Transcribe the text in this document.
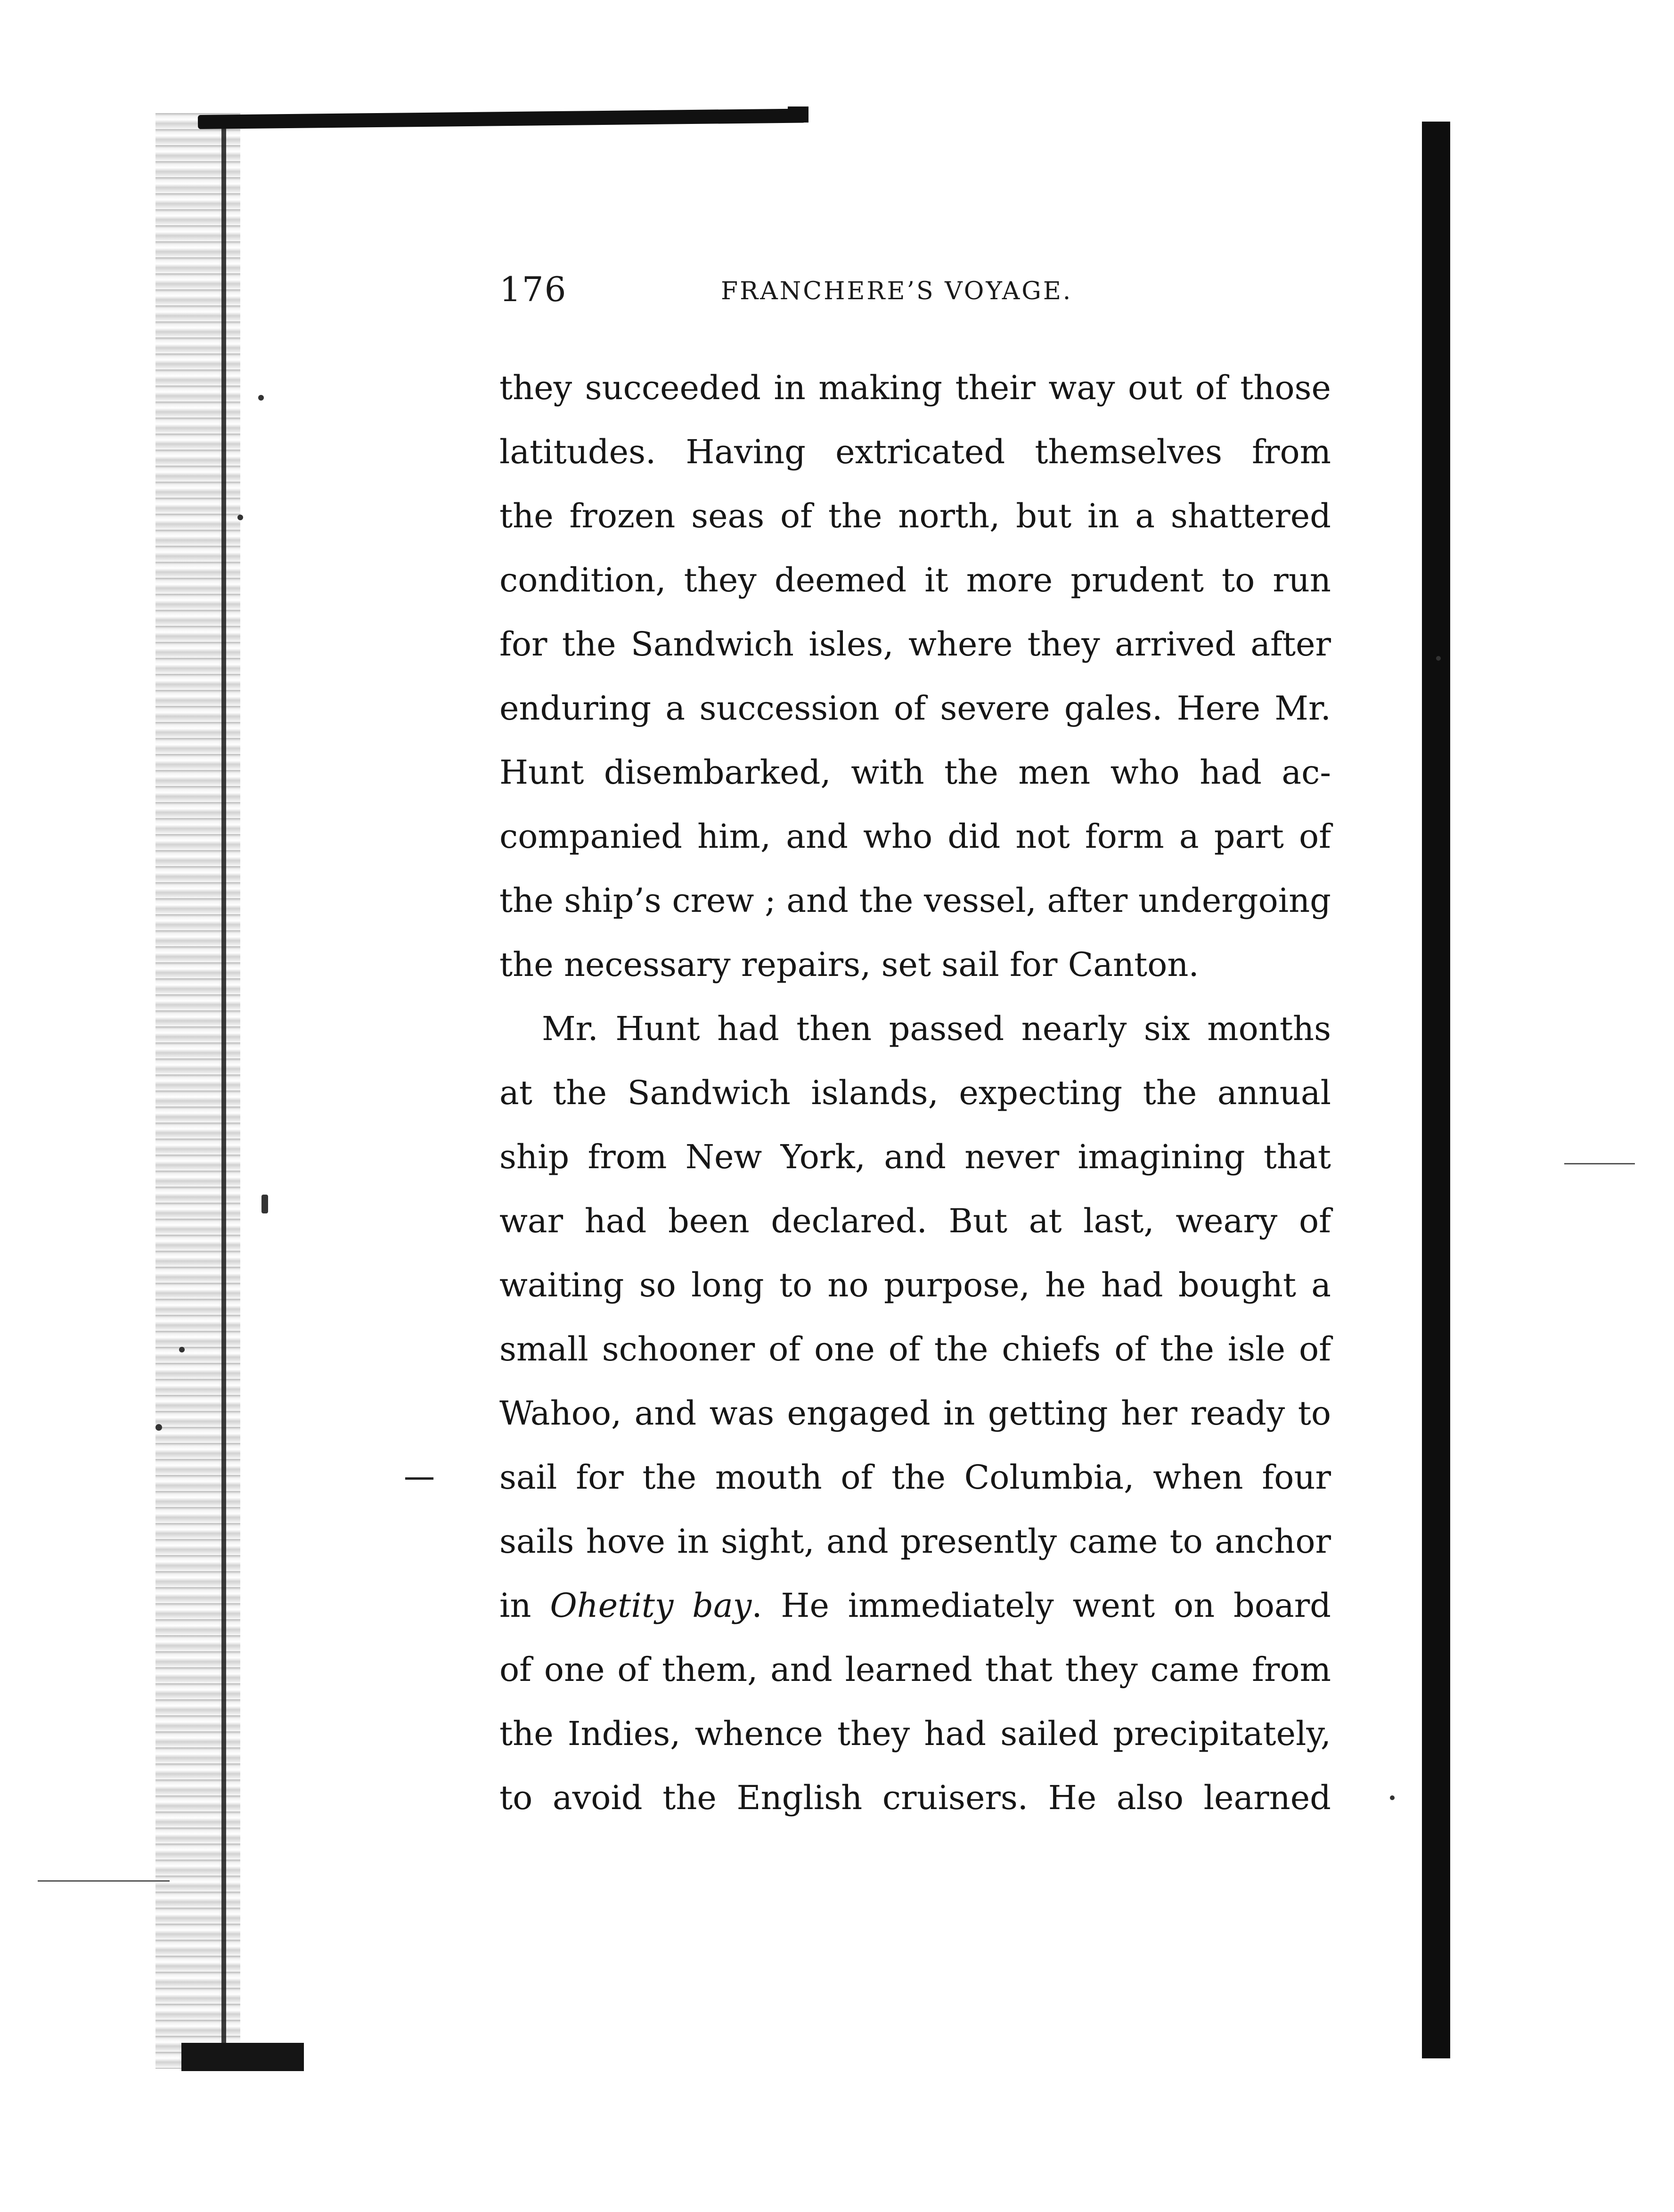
176	FRANCHERE’S VOYAGE.
they succeeded in making their way out of those
latitudes. Having extricated themselves from
the frozen seas of the north, but in a shattered
condition, they deemed it more prudent to run
for the Sandwich isles, where they arrived after
enduring a succession of severe gales. Here Mr.
Hunt disembarked, with the men who had ac-
companied him, and who did not form a part of
the ship’s crew ; and the vessel, after undergoing
the necessary repairs, set sail for Canton.
Mr. Hunt had then passed nearly six months
at the Sandwich islands, expecting the annual
ship from New York, and never imagining that
war had been declared. But at last, weary of
waiting so long to no purpose, he had bought a
small schooner of one of the chiefs of the isle of
Wahoo, and was engaged in getting her ready to
sail for the mouth of the Columbia, when four
sails hove in sight, and presently came to anchor
in Ohetity bay. He immediately went on board
of one of them, and learned that they came from
the Indies, whence they had sailed precipitately,
to avoid the English cruisers. He also learned
